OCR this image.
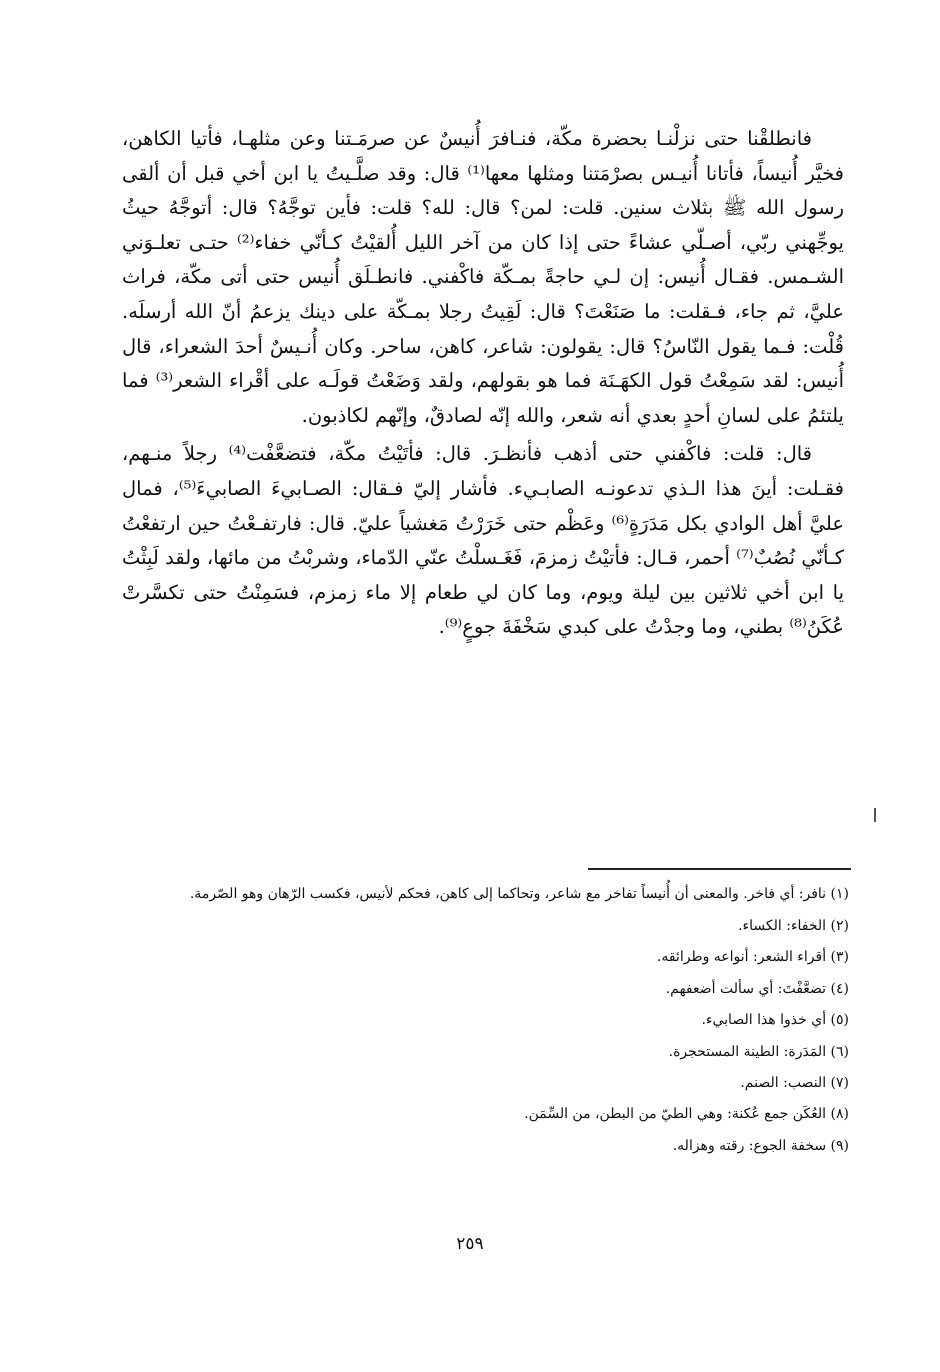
فانطلقْنا حتى نزلْنـا بحضرة مكّة، فنـافرَ أُنيسٌ عن صرمَـتنا وعن مثلهـا، فأتيا الكاهن، فخيَّر أُنيساً، فأتانا أُنيـس بصرْمَتنا ومثلها معها⁽¹⁾ قال: وقد صلَّـيتُ يا ابن أخي قبل أن ألقى رسول الله ﷺ بثلاث سنين. قلت: لمن؟ قال: لله؟ قلت: فأين توجَّهُ؟ قال: أتوجَّهُ حيثُ يوجِّهني ربّي، أصـلّي عشاءً حتى إذا كان من آخر الليل أُلقيْتُ كـأنّي خفاء⁽²⁾ حتـى تعلـوَني الشـمس. فقـال أُنيس: إن لـي حاجةً بمـكّة فاكْفني. فانطـلَق أُنيس حتى أتى مكّة، فراث عليَّ، ثم جاء، فـقلت: ما صَنَعْتَ؟ قال: لَقِيتُ رجلا بمـكّة على دينك يزعمُ أنّ الله أرسلَه. قُلْت: فـما يقول النّاسُ؟ قال: يقولون: شاعر، كاهن، ساحر. وكان أُنـيسٌ أحدَ الشعراء، قال أُنيس: لقد سَمِعْتُ قول الكهَـنَة فما هو بقولهم، ولقد وَضَعْتُ قولَـه على أقْراء الشعر⁽³⁾ فما يلتئمُ على لسانِ أحدٍ بعدي أنه شعر، والله إنّه لصادقٌ، وإنّهم لكاذبون.

قال: قلت: فاكْفني حتى أذهب فأنظـرَ. قال: فأتَيْتُ مكّة، فتضعَّفْت⁽⁴⁾ رجلاً منـهم، فقـلت: أينَ هذا الـذي تدعونـه الصابـيء. فأشار إليّ فـقال: الصـابيءَ الصابيءَ⁽⁵⁾، فمال عليَّ أهل الوادي بكل مَدَرَةٍ⁽⁶⁾ وعَظْم حتى خَرَرْتُ مَغشياً عليّ. قال: فارتفـعْتُ حين ارتفعْتُ كـأنّي نُصُبٌ⁽⁷⁾ أحمر، قـال: فأتيْتُ زمزمَ، فَغَـسلْتُ عنّي الدّماء، وشربْتُ من مائها، ولقد لَبِثْتُ يا ابن أخي ثلاثين بين ليلة ويوم، وما كان لي طعام إلا ماء زمزم، فسَمِنْتُ حتى تكسَّرتْ عُكَنُ⁽⁸⁾ بطني، وما وجدْتُ على كبدي سَخْفَةَ جوعٍ⁽⁹⁾.

(١) نافر: أي فاخر. والمعنى أن أُنيساً تفاخر مع شاعر، وتحاكما إلى كاهن، فحكم لأنيس، فكسب الرّهان وهو الصّرمة.

(٢) الخفاء: الكساء.

(٣) أقراء الشعر: أنواعه وطرائقه.

(٤) تضعَّفْتَ: أي سألت أضعفهم.

(٥) أي خذوا هذا الصابيء.

(٦) المَدَرة: الطينة المستحجرة.

(٧) النصب: الصنم.

(٨) العُكَن جمع عُكنة: وهي الطيّ من البطن، من السِّمَن.

(٩) سخفة الجوع: رقته وهزاله.

٢٥٩
